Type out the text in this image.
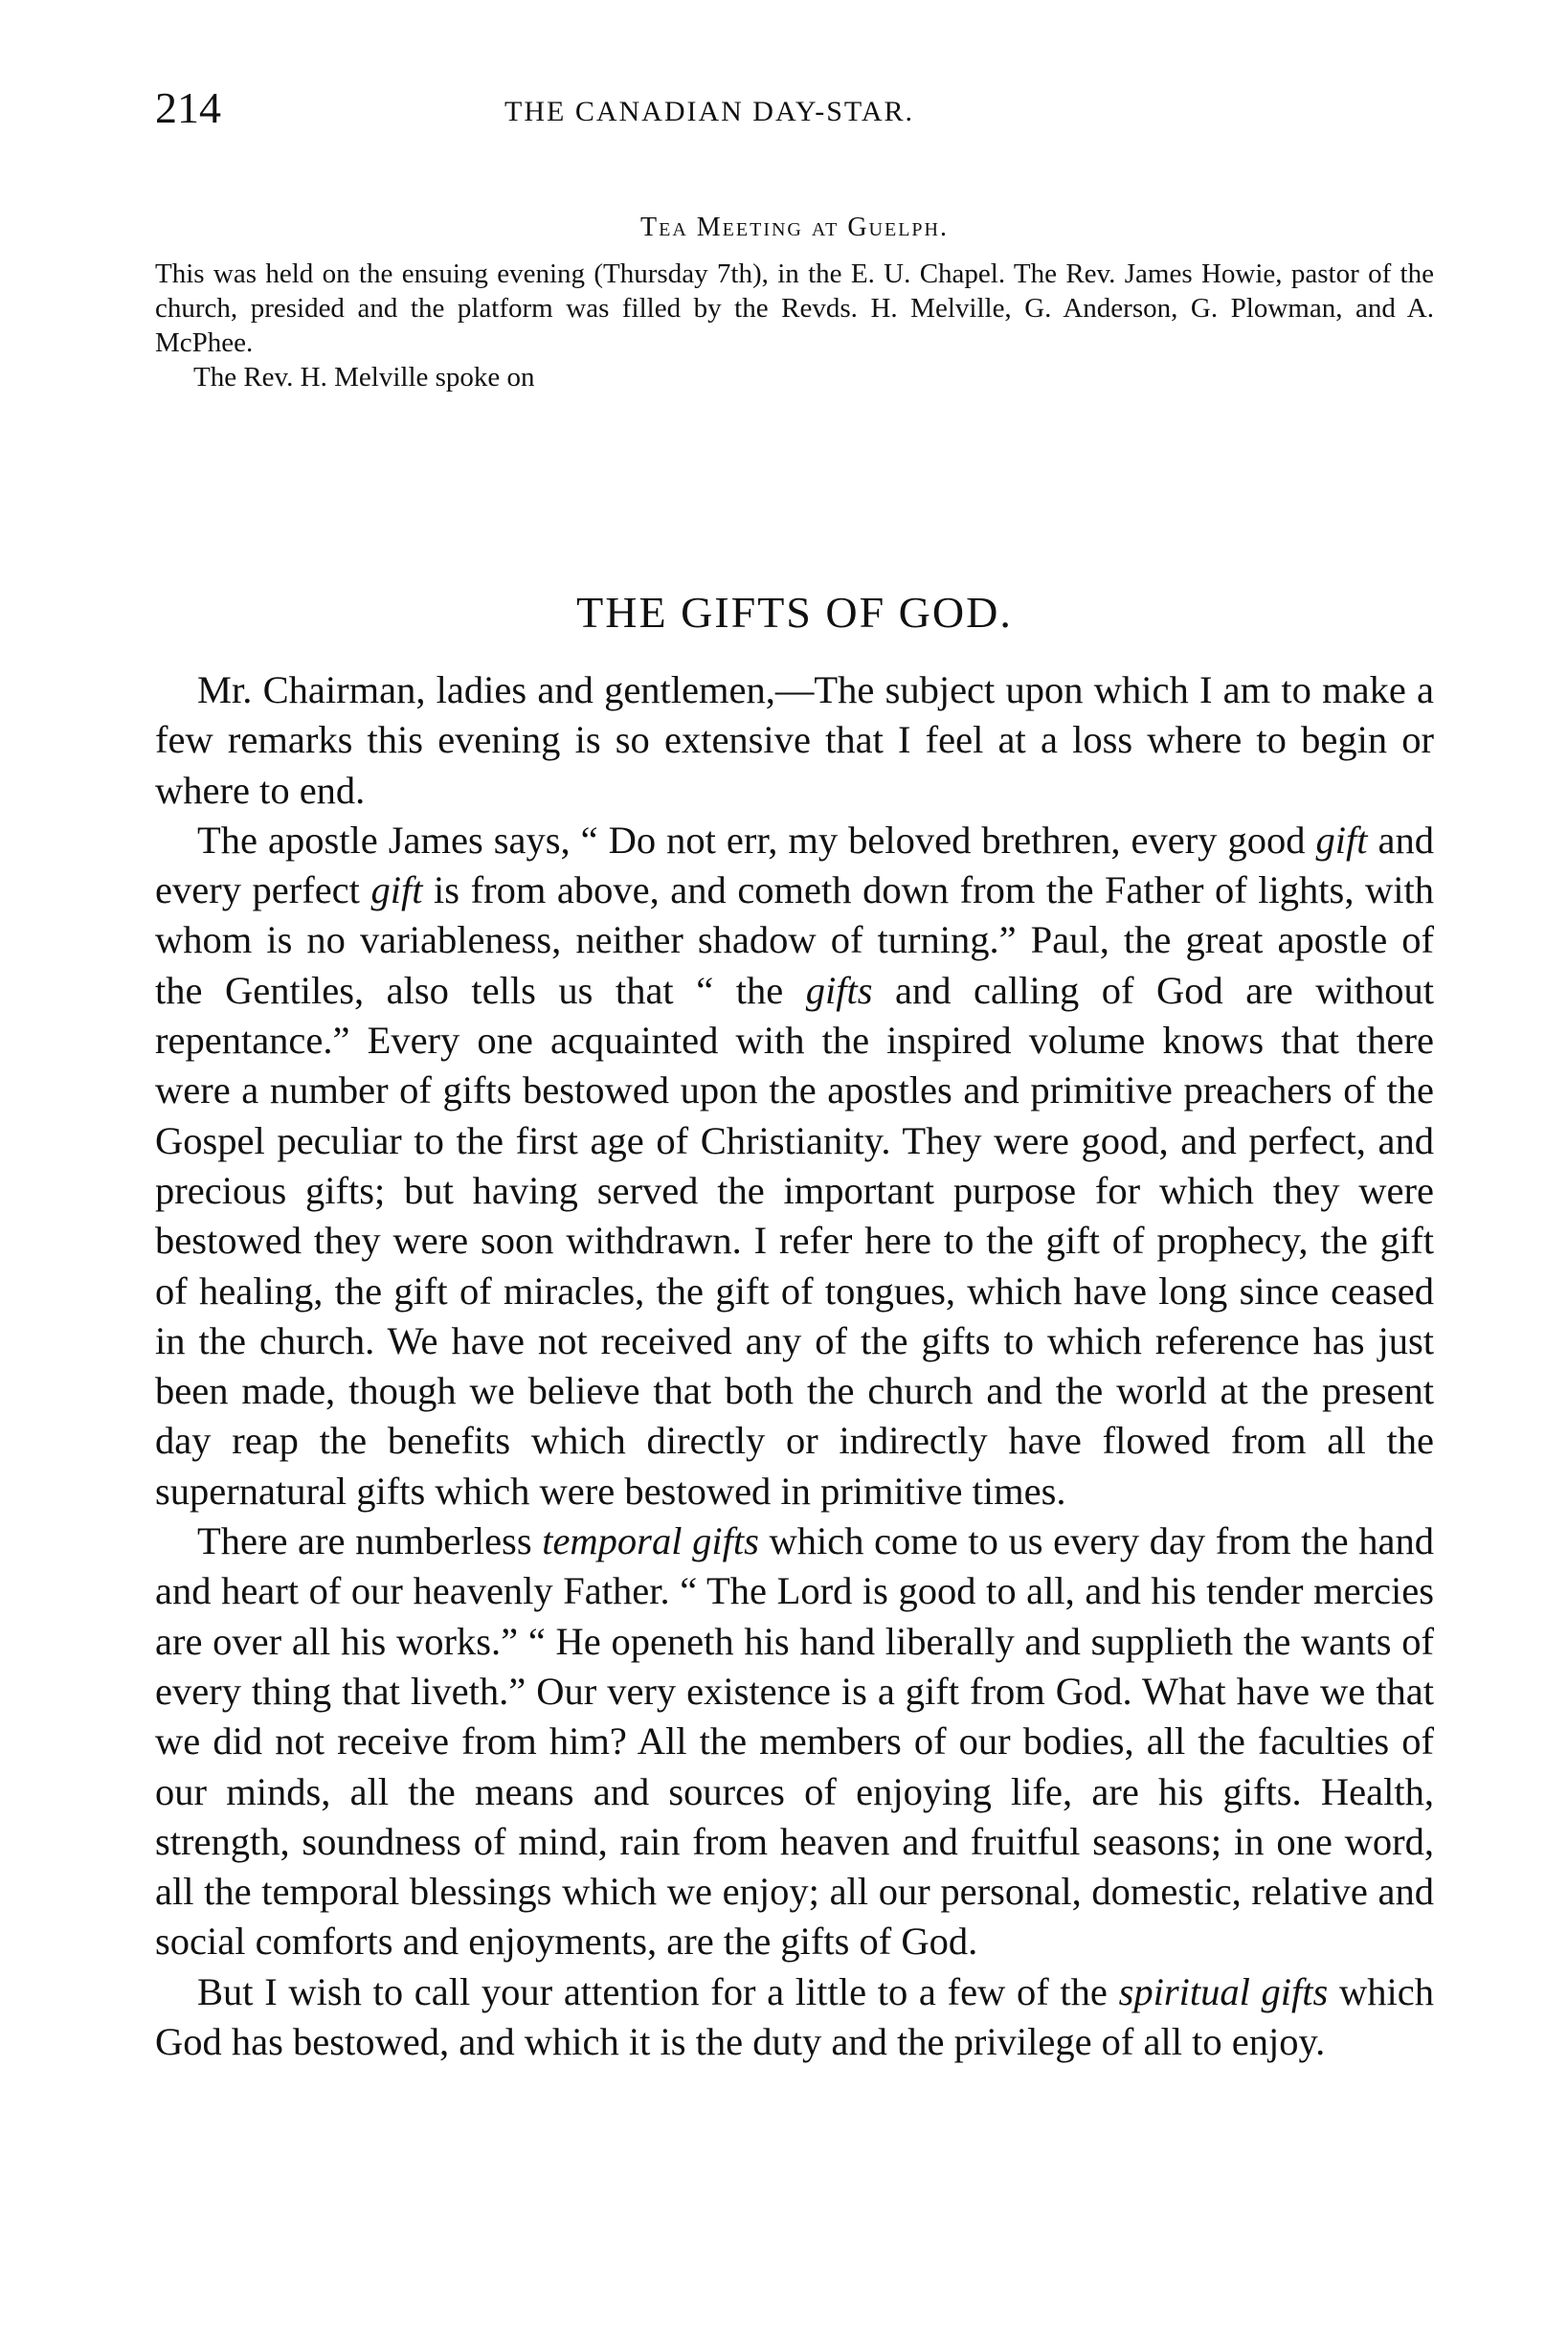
214	THE CANADIAN DAY-STAR.
Tea Meeting at Guelph.

This was held on the ensuing evening (Thursday 7th), in the E. U. Chapel. The Rev. James Howie, pastor of the church, presided and the platform was filled by the Revds. H. Melville, G. Anderson, G. Plowman, and A. McPhee.

The Rev. H. Melville spoke on

THE GIFTS OF GOD.

Mr. Chairman, ladies and gentlemen,—The subject upon which I am to make a few remarks this evening is so extensive that I feel at a loss where to begin or where to end.

The apostle James says, “ Do not err, my beloved brethren, every good gift and every perfect gift is from above, and cometh down from the Father of lights, with whom is no variableness, neither shadow of turning.” Paul, the great apostle of the Gentiles, also tells us that “ the gifts and calling of God are without repentance.” Every one acquainted with the inspired volume knows that there were a number of gifts bestowed upon the apostles and primitive preachers of the Gospel peculiar to the first age of Christianity. They were good, and perfect, and precious gifts; but having served the important purpose for which they were bestowed they were soon withdrawn. I refer here to the gift of prophecy, the gift of healing, the gift of miracles, the gift of tongues, which have long since ceased in the church. We have not received any of the gifts to which reference has just been made, though we believe that both the church and the world at the present day reap the benefits which directly or indirectly have flowed from all the supernatural gifts which were bestowed in primitive times.

There are numberless temporal gifts which come to us every day from the hand and heart of our heavenly Father. “ The Lord is good to all, and his tender mercies are over all his works.” “ He openeth his hand liberally and supplieth the wants of every thing that liveth.” Our very existence is a gift from God. What have we that we did not receive from him? All the members of our bodies, all the faculties of our minds, all the means and sources of enjoying life, are his gifts. Health, strength, soundness of mind, rain from heaven and fruitful seasons; in one word, all the temporal blessings which we enjoy; all our personal, domestic, relative and social comforts and enjoyments, are the gifts of God.

But I wish to call your attention for a little to a few of the spiritual gifts which God has bestowed, and which it is the duty and the privilege of all to enjoy.
